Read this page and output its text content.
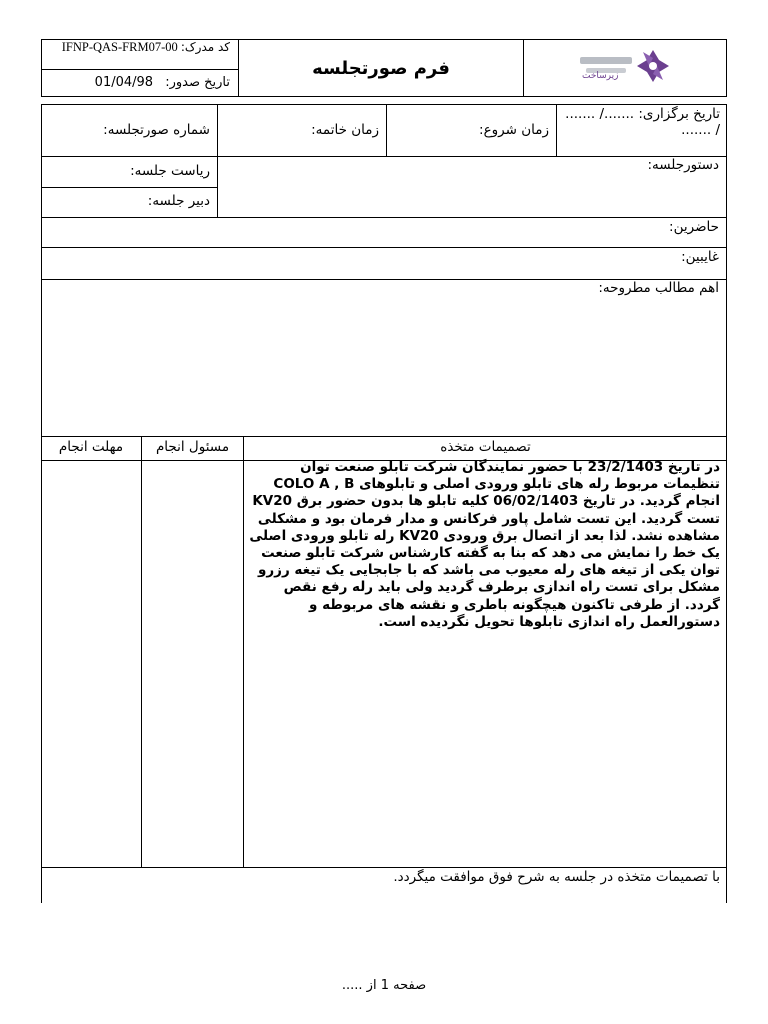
زیرساخت
فرم صورتجلسه
کد مدرک: IFNP-QAS-FRM07-00
تاریخ صدور: 01/04/98
تاریخ برگزاری: ......./ ....... / .......
زمان شروع:
زمان خاتمه:
شماره صورتجلسه:
دستورجلسه:
ریاست جلسه:
دبیر جلسه:
حاضرین:
غایبین:
اهم مطالب مطروحه:
تصمیمات متخذه
مسئول انجام
مهلت انجام
در تاریخ 23/2/1403 با حضور نمایندگان شرکت تابلو صنعت توان تنظیمات مربوط رله های تابلو ورودی اصلی و تابلوهای COLO A , B انجام گردید. در تاریخ 06/02/1403 کلیه تابلو ها بدون حضور برق KV20 تست گردید. این تست شامل پاور فرکانس و مدار فرمان بود و مشکلی مشاهده نشد. لذا بعد از اتصال برق ورودی KV20 رله تابلو ورودی اصلی یک خط را نمایش می دهد که بنا به گفته کارشناس شرکت تابلو صنعت توان یکی از تیغه های رله معیوب می باشد که با جابجایی یک تیغه رزرو مشکل برای تست راه اندازی برطرف گردید ولی باید رله رفع نقص گردد. از طرفی تاکنون هیچگونه باطری و نقشه های مربوطه و دستورالعمل راه اندازی تابلوها تحویل نگردیده است.
با تصمیمات متخذه در جلسه به شرح فوق موافقت میگردد.
صفحه 1 از .....
